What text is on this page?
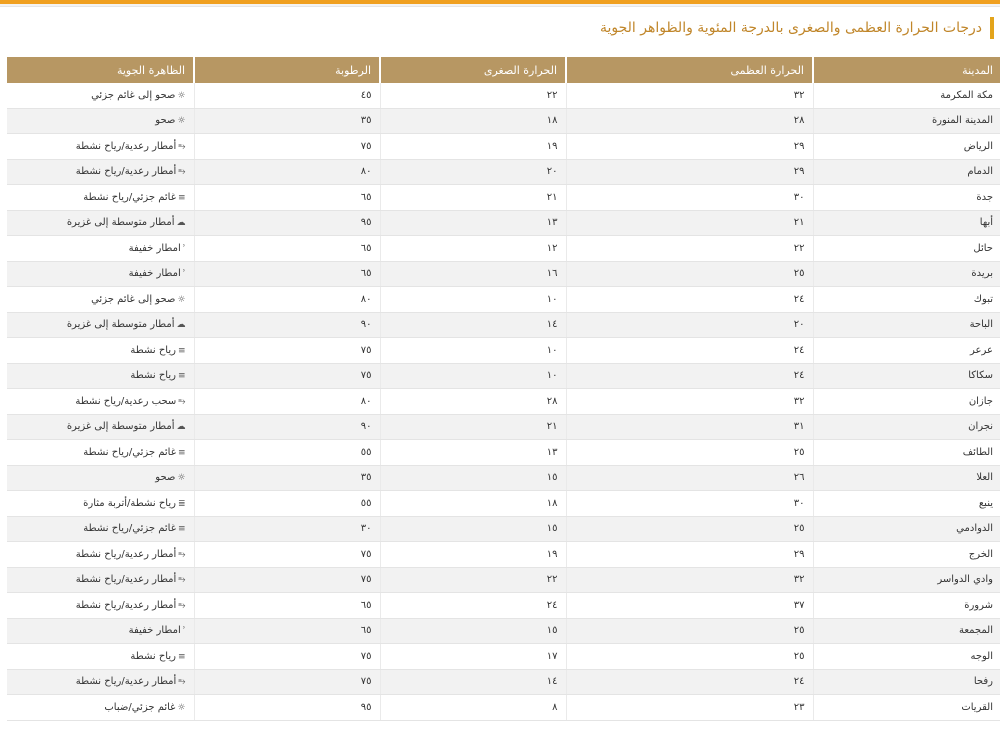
درجات الحرارة العظمى والصغرى بالدرجة المئوية والظواهر الجوية
المدينة	الحرارة العظمى	الحرارة الصغرى	الرطوبة	الظاهرة الجوية
مكة المكرمة	٣٢	٢٢	٤٥	☼صحو إلى غائم جزئي
المدينة المنورة	٢٨	١٨	٣٥	☼صحو
الرياض	٢٩	١٩	٧٥	⥱أمطار رعدية/رياح نشطة
الدمام	٢٩	٢٠	٨٠	⥱أمطار رعدية/رياح نشطة
جدة	٣٠	٢١	٦٥	≡غائم جزئي/رياح نشطة
أبها	٢١	١٣	٩٥	☁أمطار متوسطة إلى غزيرة
حائل	٢٢	١٢	٦٥	ʾامطار خفيفة
بريدة	٢٥	١٦	٦٥	ʾامطار خفيفة
تبوك	٢٤	١٠	٨٠	☼صحو إلى غائم جزئي
الباحة	٢٠	١٤	٩٠	☁أمطار متوسطة إلى غزيرة
عرعر	٢٤	١٠	٧٥	≡رياح نشطة
سكاكا	٢٤	١٠	٧٥	≡رياح نشطة
جازان	٣٢	٢٨	٨٠	⥱سحب رعدية/رياح نشطة
نجران	٣١	٢١	٩٠	☁أمطار متوسطة إلى غزيرة
الطائف	٢٥	١٣	٥٥	≡غائم جزئي/رياح نشطة
العلا	٢٦	١٥	٣٥	☼صحو
ينبع	٣٠	١٨	٥٥	≣رياح نشطة/أتربة مثارة
الدوادمي	٢٥	١٥	٣٠	≡غائم جزئي/رياح نشطة
الخرج	٢٩	١٩	٧٥	⥱أمطار رعدية/رياح نشطة
وادي الدواسر	٣٢	٢٢	٧٥	⥱أمطار رعدية/رياح نشطة
شرورة	٣٧	٢٤	٦٥	⥱أمطار رعدية/رياح نشطة
المجمعة	٢٥	١٥	٦٥	ʾامطار خفيفة
الوجه	٢٥	١٧	٧٥	≡رياح نشطة
رفحا	٢٤	١٤	٧٥	⥱أمطار رعدية/رياح نشطة
القريات	٢٣	٨	٩٥	☼غائم جزئي/ضباب
